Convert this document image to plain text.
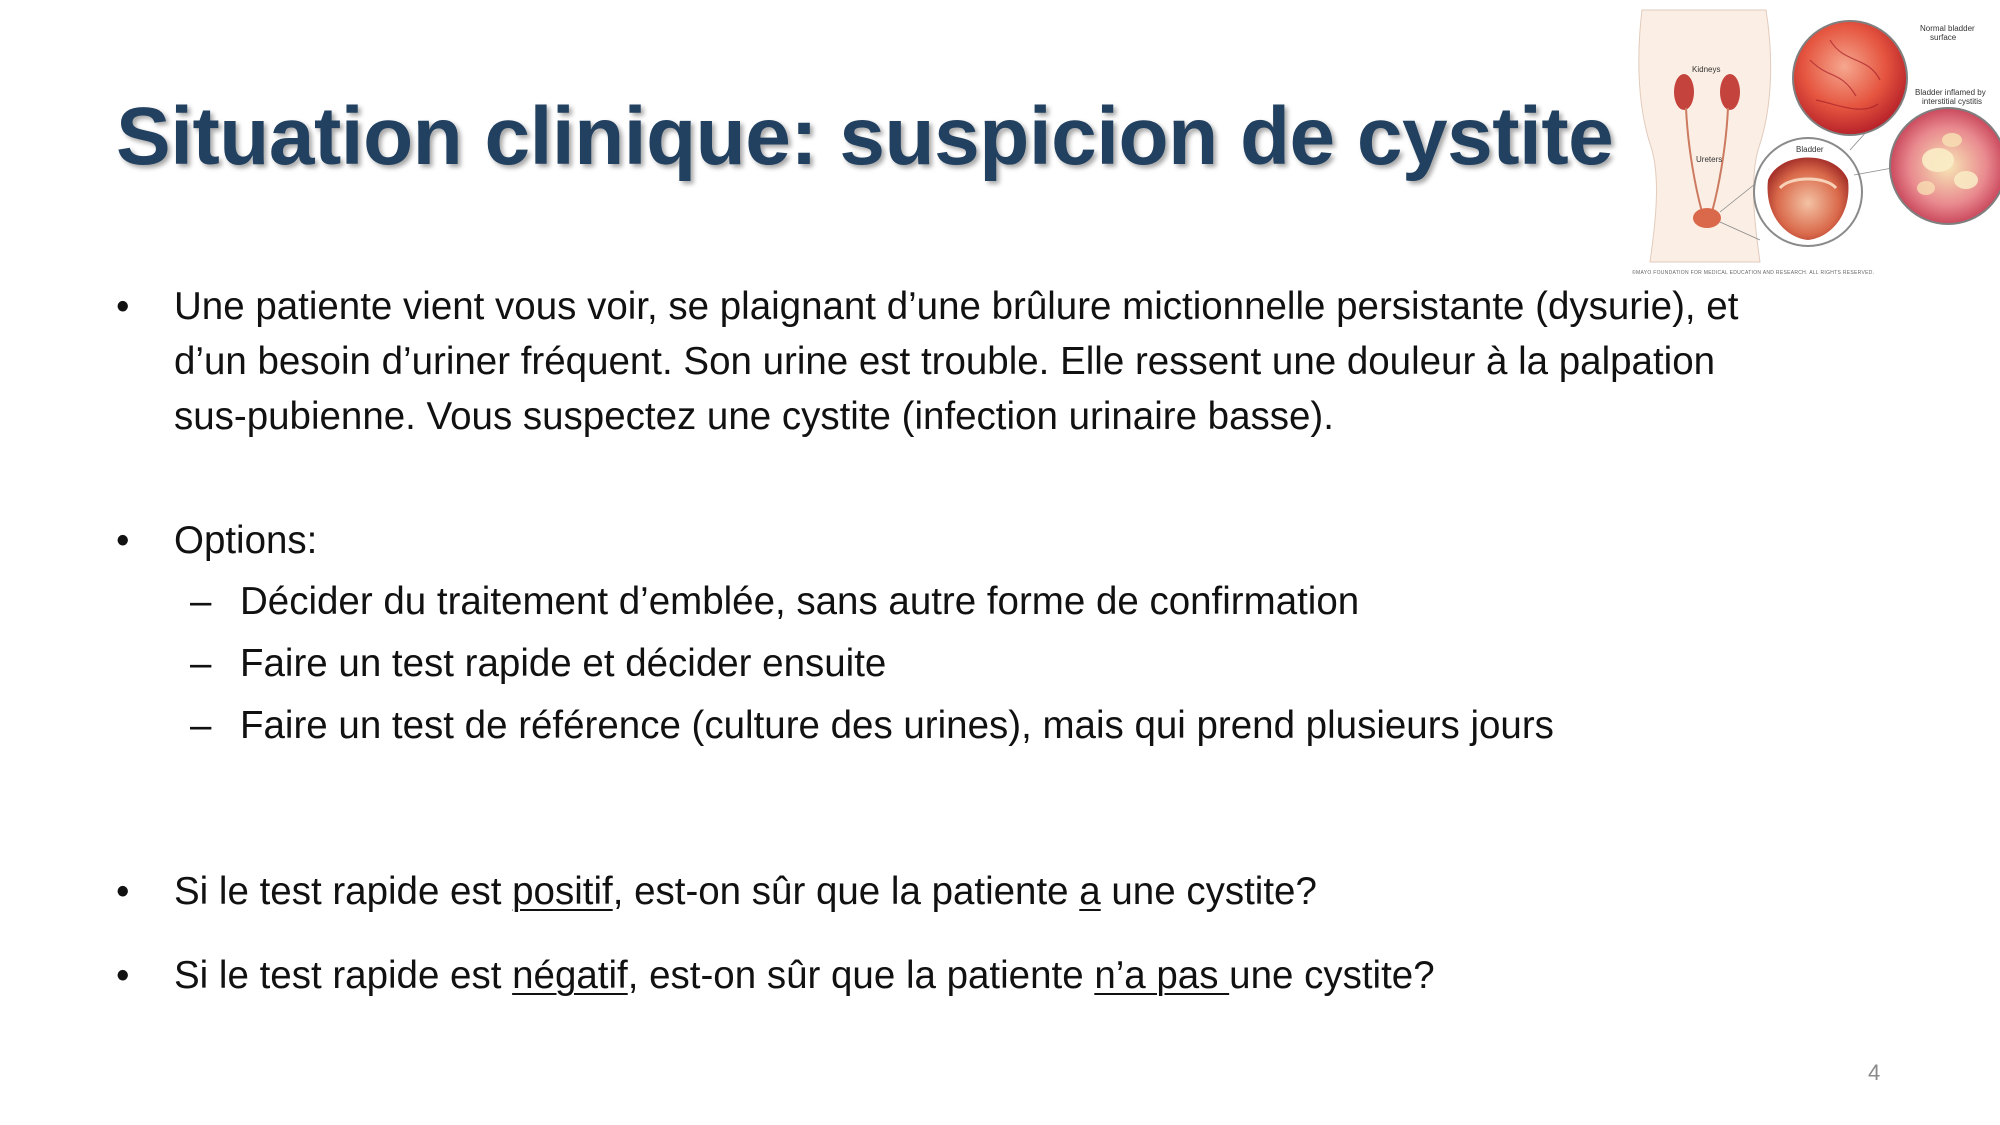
Situation clinique: suspicion de cystite
Kidneys
Ureters
Bladder
Normal bladder surface
Bladder inflamed by interstitial cystitis
©MAYO FOUNDATION FOR MEDICAL EDUCATION AND RESEARCH. ALL RIGHTS RESERVED.
• Une patiente vient vous voir, se plaignant d’une brûlure mictionnelle persistante (dysurie), et
d’un besoin d’uriner fréquent. Son urine est trouble. Elle ressent une douleur à la palpation
sus-pubienne. Vous suspectez une cystite (infection urinaire basse).
• Options:
– Décider du traitement d’emblée, sans autre forme de confirmation
– Faire un test rapide et décider ensuite
– Faire un test de référence (culture des urines), mais qui prend plusieurs jours
• Si le test rapide est positif, est-on sûr que la patiente a une cystite?
• Si le test rapide est négatif, est-on sûr que la patiente n’a pas une cystite?
4
